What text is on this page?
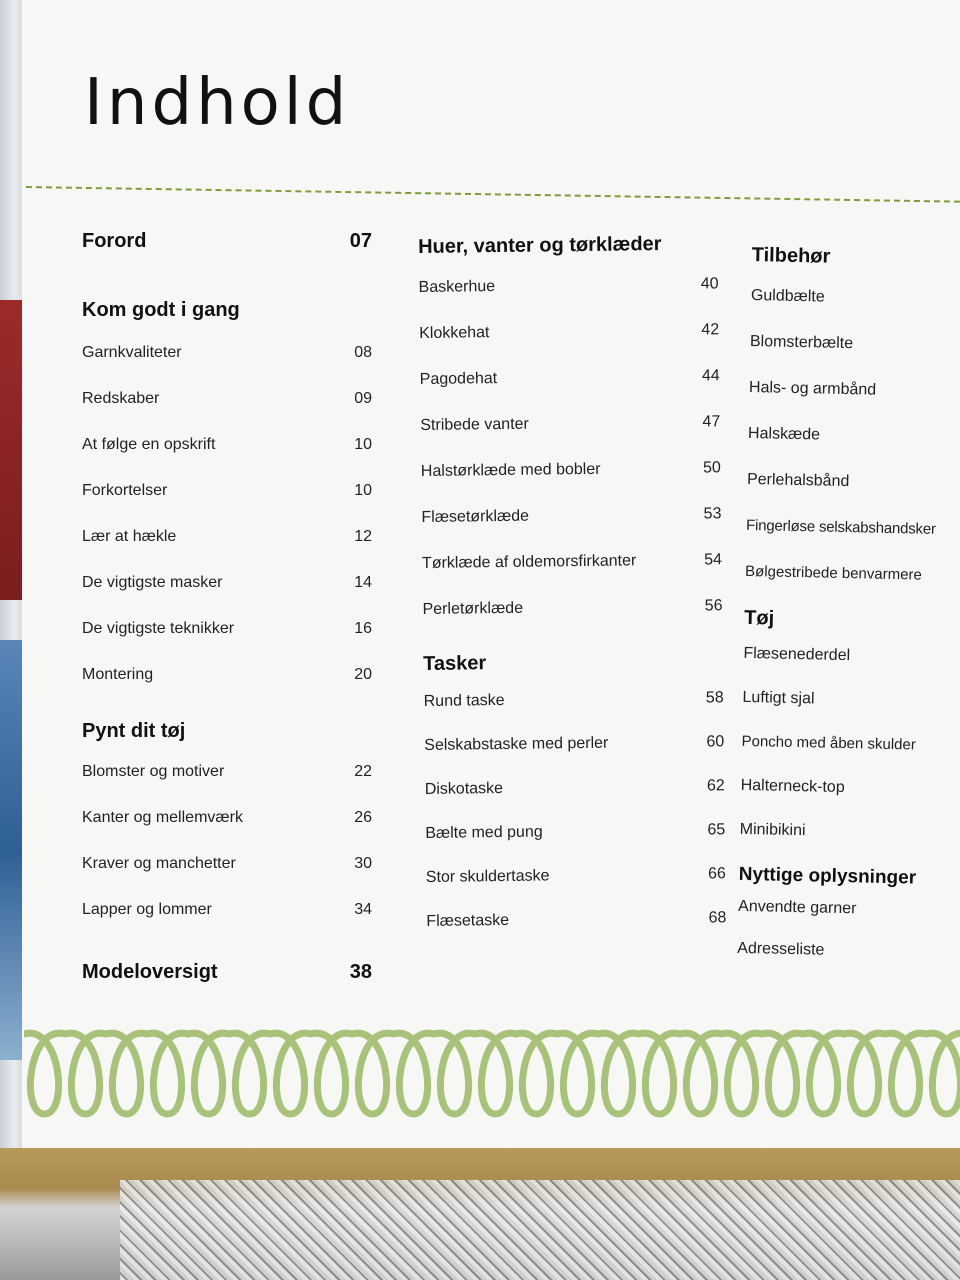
Indhold
Forord	07
Kom godt i gang
Garnkvaliteter	08
Redskaber	09
At følge en opskrift	10
Forkortelser	10
Lær at hækle	12
De vigtigste masker	14
De vigtigste teknikker	16
Montering	20
Pynt dit tøj
Blomster og motiver	22
Kanter og mellemværk	26
Kraver og manchetter	30
Lapper og lommer	34
Modeloversigt	38
Huer, vanter og tørklæder
Baskerhue	40
Klokkehat	42
Pagodehat	44
Stribede vanter	47
Halstørklæde med bobler	50
Flæsetørklæde	53
Tørklæde af oldemorsfirkanter	54
Perletørklæde	56
Tasker
Rund taske	58
Selskabstaske med perler	60
Diskotaske	62
Bælte med pung	65
Stor skuldertaske	66
Flæsetaske	68
Tilbehør
Guldbælte
Blomsterbælte
Hals- og armbånd
Halskæde
Perlehalsbånd
Fingerløse selskabshandsker
Bølgestribede benvarmere
Tøj
Flæsenederdel
Luftigt sjal
Poncho med åben skulder
Halterneck-top
Minibikini
Nyttige oplysninger
Anvendte garner
Adresseliste
